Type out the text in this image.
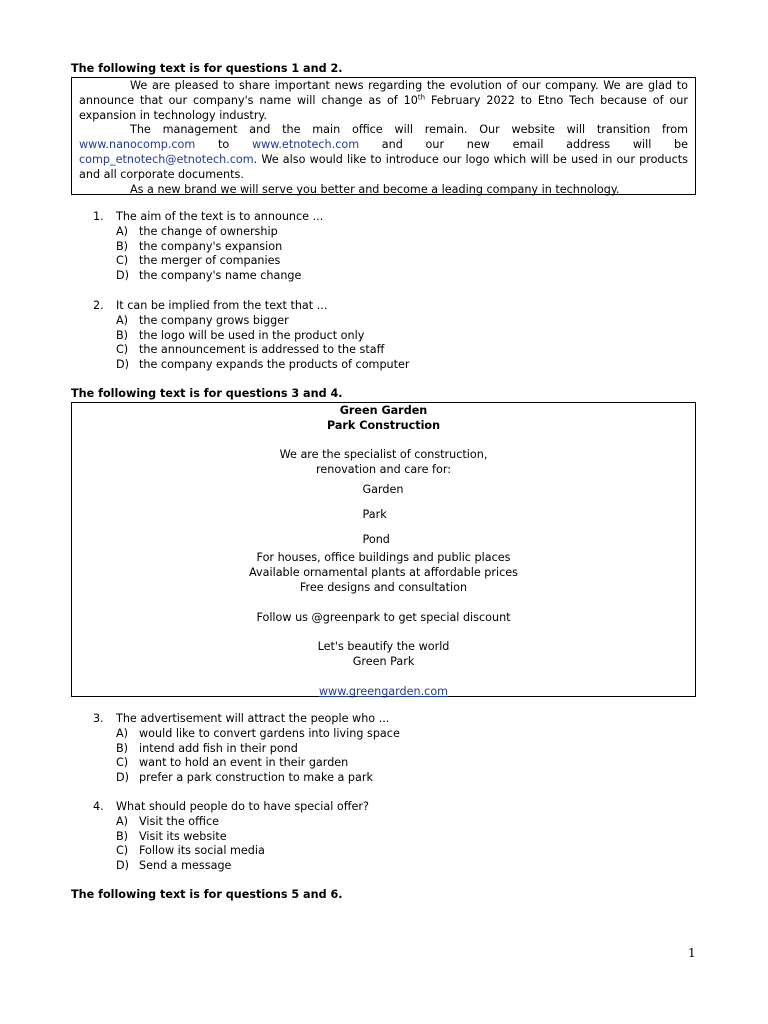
The following text is for questions 1 and 2.

We are pleased to share important news regarding the evolution of our company. We are glad to announce that our company's name will change as of 10th February 2022 to Etno Tech because of our expansion in technology industry.

The management and the main office will remain. Our website will transition from www.nanocomp.com to www.etnotech.com and our new email address will be comp_etnotech@etnotech.com. We also would like to introduce our logo which will be used in our products and all corporate documents.

As a new brand we will serve you better and become a leading company in technology.

1.	The aim of the text is to announce ...
A) the change of ownership
B) the company's expansion
C) the merger of companies
D) the company's name change
2.	It can be implied from the text that ...
A) the company grows bigger
B) the logo will be used in the product only
C) the announcement is addressed to the staff
D) the company expands the products of computer
The following text is for questions 3 and 4.
Green Garden
Park Construction
We are the specialist of construction,
renovation and care for:
Garden
Park
Pond
For houses, office buildings and public places
Available ornamental plants at affordable prices
Free designs and consultation
Follow us @greenpark to get special discount
Let's beautify the world
Green Park
www.greengarden.com
3.	The advertisement will attract the people who ...
A) would like to convert gardens into living space
B) intend add fish in their pond
C) want to hold an event in their garden
D) prefer a park construction to make a park
4.	What should people do to have special offer?
A) Visit the office
B) Visit its website
C) Follow its social media
D) Send a message
The following text is for questions 5 and 6.
1
